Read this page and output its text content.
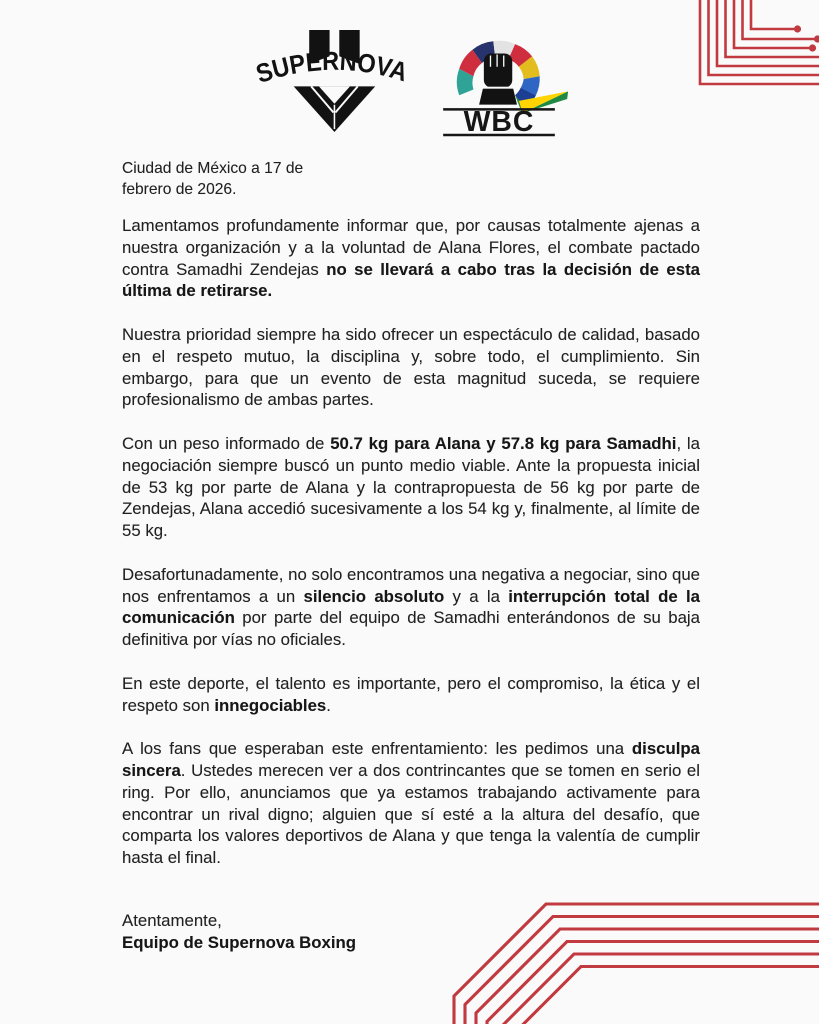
SUPERNOVA
WBC
Ciudad de México a 17 de
febrero de 2026.

Lamentamos profundamente informar que, por causas totalmente ajenas a nuestra organización y a la voluntad de Alana Flores, el combate pactado contra Samadhi Zendejas no se llevará a cabo tras la decisión de esta última de retirarse.

Nuestra prioridad siempre ha sido ofrecer un espectáculo de calidad, basado en el respeto mutuo, la disciplina y, sobre todo, el cumplimiento. Sin embargo, para que un evento de esta magnitud suceda, se requiere profesionalismo de ambas partes.

Con un peso informado de 50.7 kg para Alana y 57.8 kg para Samadhi, la negociación siempre buscó un punto medio viable. Ante la propuesta inicial de 53 kg por parte de Alana y la contrapropuesta de 56 kg por parte de Zendejas, Alana accedió sucesivamente a los 54 kg y, finalmente, al límite de 55 kg.

Desafortunadamente, no solo encontramos una negativa a negociar, sino que nos enfrentamos a un silencio absoluto y a la interrupción total de la comunicación por parte del equipo de Samadhi enterándonos de su baja definitiva por vías no oficiales.

En este deporte, el talento es importante, pero el compromiso, la ética y el respeto son innegociables.

A los fans que esperaban este enfrentamiento: les pedimos una disculpa sincera. Ustedes merecen ver a dos contrincantes que se tomen en serio el ring. Por ello, anunciamos que ya estamos trabajando activamente para encontrar un rival digno; alguien que sí esté a la altura del desafío, que comparta los valores deportivos de Alana y que tenga la valentía de cumplir hasta el final.

Atentamente,
Equipo de Supernova Boxing
